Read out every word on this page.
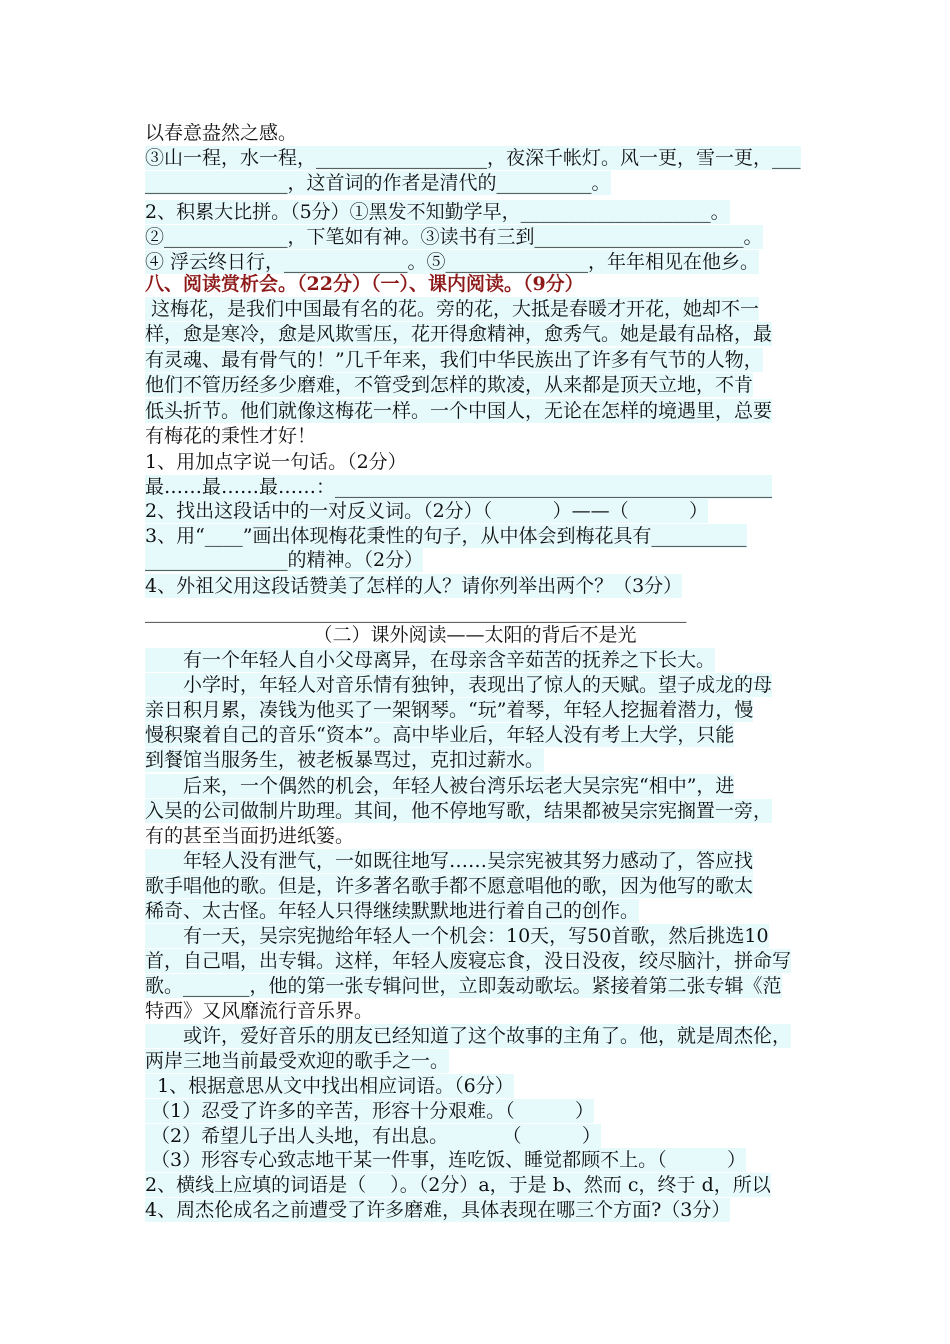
以春意盎然之感。
③山一程，水一程，__________________，夜深千帐灯。风一更，雪一更，___
_______________，这首词的作者是清代的__________。
2、积累大比拼。（5分）①黑发不知勤学早，____________________。
②_____________，下笔如有神。③读书有三到______________________。
④ 浮云终日行，_____________。⑤_______________，年年相见在他乡。
八、阅读赏析会。（22分）（一）、课内阅读。（9分）
这梅花，是我们中国最有名的花。旁的花，大抵是春暖才开花，她却不一
样，愈是寒冷，愈是风欺雪压，花开得愈精神，愈秀气。她是最有品格，最
有灵魂、最有骨气的！”几千年来，我们中华民族出了许多有气节的人物，
他们不管历经多少磨难，不管受到怎样的欺凌，从来都是顶天立地，不肯
低头折节。他们就像这梅花一样。一个中国人，无论在怎样的境遇里，总要
有梅花的秉性才好！
1、用加点字说一句话。（2分）
最……最……最……：______________________________________________
2、找出这段话中的一对反义词。（2分）（          ）——（          ）
3、用“____”画出体现梅花秉性的句子，从中体会到梅花具有__________
_______________的精神。（2分）
4、外祖父用这段话赞美了怎样的人？请你列举出两个？（3分）
_________________________________________________________
（二）课外阅读——太阳的背后不是光
　　有一个年轻人自小父母离异，在母亲含辛茹苦的抚养之下长大。
　　小学时，年轻人对音乐情有独钟，表现出了惊人的天赋。望子成龙的母
亲日积月累，凑钱为他买了一架钢琴。“玩”着琴，年轻人挖掘着潜力，慢
慢积聚着自己的音乐“资本”。高中毕业后，年轻人没有考上大学，只能
到餐馆当服务生，被老板暴骂过，克扣过薪水。
　　后来，一个偶然的机会，年轻人被台湾乐坛老大吴宗宪“相中”，进
入吴的公司做制片助理。其间，他不停地写歌，结果都被吴宗宪搁置一旁，
有的甚至当面扔进纸篓。
　　年轻人没有泄气，一如既往地写……吴宗宪被其努力感动了，答应找
歌手唱他的歌。但是，许多著名歌手都不愿意唱他的歌，因为他写的歌太
稀奇、太古怪。年轻人只得继续默默地进行着自己的创作。
　　有一天，吴宗宪抛给年轻人一个机会：10天，写50首歌，然后挑选10
首，自己唱，出专辑。这样，年轻人废寝忘食，没日没夜，绞尽脑汁，拼命写
歌。_______，他的第一张专辑问世，立即轰动歌坛。紧接着第二张专辑《范
特西》又风靡流行音乐界。
　　或许，爱好音乐的朋友已经知道了这个故事的主角了。他，就是周杰伦，
两岸三地当前最受欢迎的歌手之一。
1、根据意思从文中找出相应词语。（6分）
（1）忍受了许多的辛苦，形容十分艰难。（          ）
（2）希望儿子出人头地，有出息。         （          ）
（3）形容专心致志地干某一件事，连吃饭、睡觉都顾不上。（          ）
2、横线上应填的词语是（    ）。（2分）a，于是 b、然而 c，终于 d，所以
4、周杰伦成名之前遭受了许多磨难，具体表现在哪三个方面?（3分）
